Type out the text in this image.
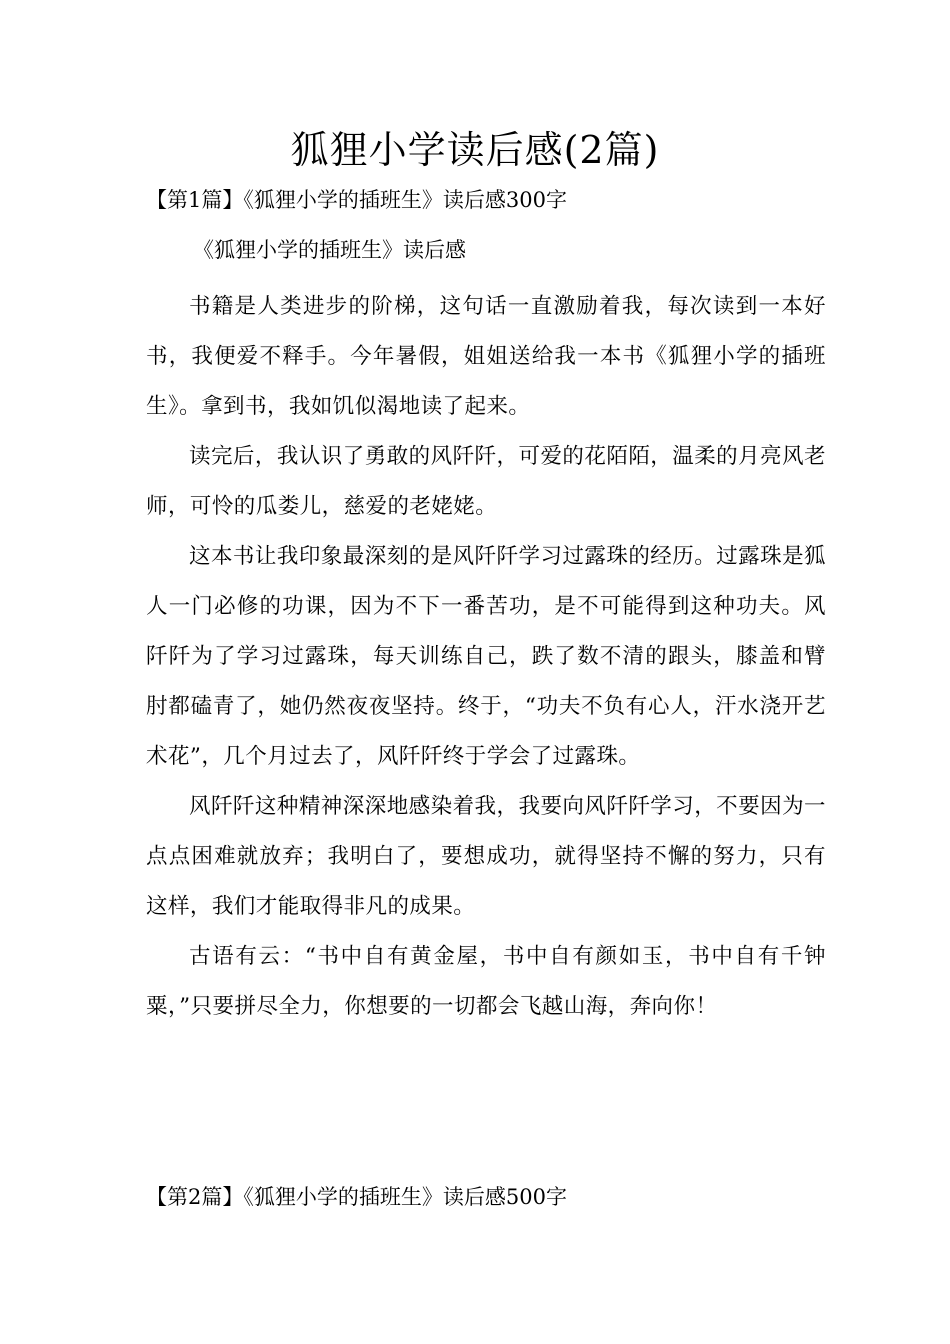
狐狸小学读后感(2篇)
【第1篇】《狐狸小学的插班生》读后感300字
《狐狸小学的插班生》读后感

书籍是人类进步的阶梯，这句话一直激励着我，每次读到一本好书，我便爱不释手。今年暑假，姐姐送给我一本书《狐狸小学的插班生》。拿到书，我如饥似渴地读了起来。

读完后，我认识了勇敢的风阡阡，可爱的花陌陌，温柔的月亮风老师，可怜的瓜娄儿，慈爱的老姥姥。

这本书让我印象最深刻的是风阡阡学习过露珠的经历。过露珠是狐人一门必修的功课，因为不下一番苦功，是不可能得到这种功夫。风阡阡为了学习过露珠，每天训练自己，跌了数不清的跟头，膝盖和臂肘都磕青了，她仍然夜夜坚持。终于，“功夫不负有心人，汗水浇开艺术花”，几个月过去了，风阡阡终于学会了过露珠。

风阡阡这种精神深深地感染着我，我要向风阡阡学习，不要因为一点点困难就放弃；我明白了，要想成功，就得坚持不懈的努力，只有这样，我们才能取得非凡的成果。

古语有云：“书中自有黄金屋，书中自有颜如玉，书中自有千钟粟，”只要拼尽全力，你想要的一切都会飞越山海，奔向你！

【第2篇】《狐狸小学的插班生》读后感500字
